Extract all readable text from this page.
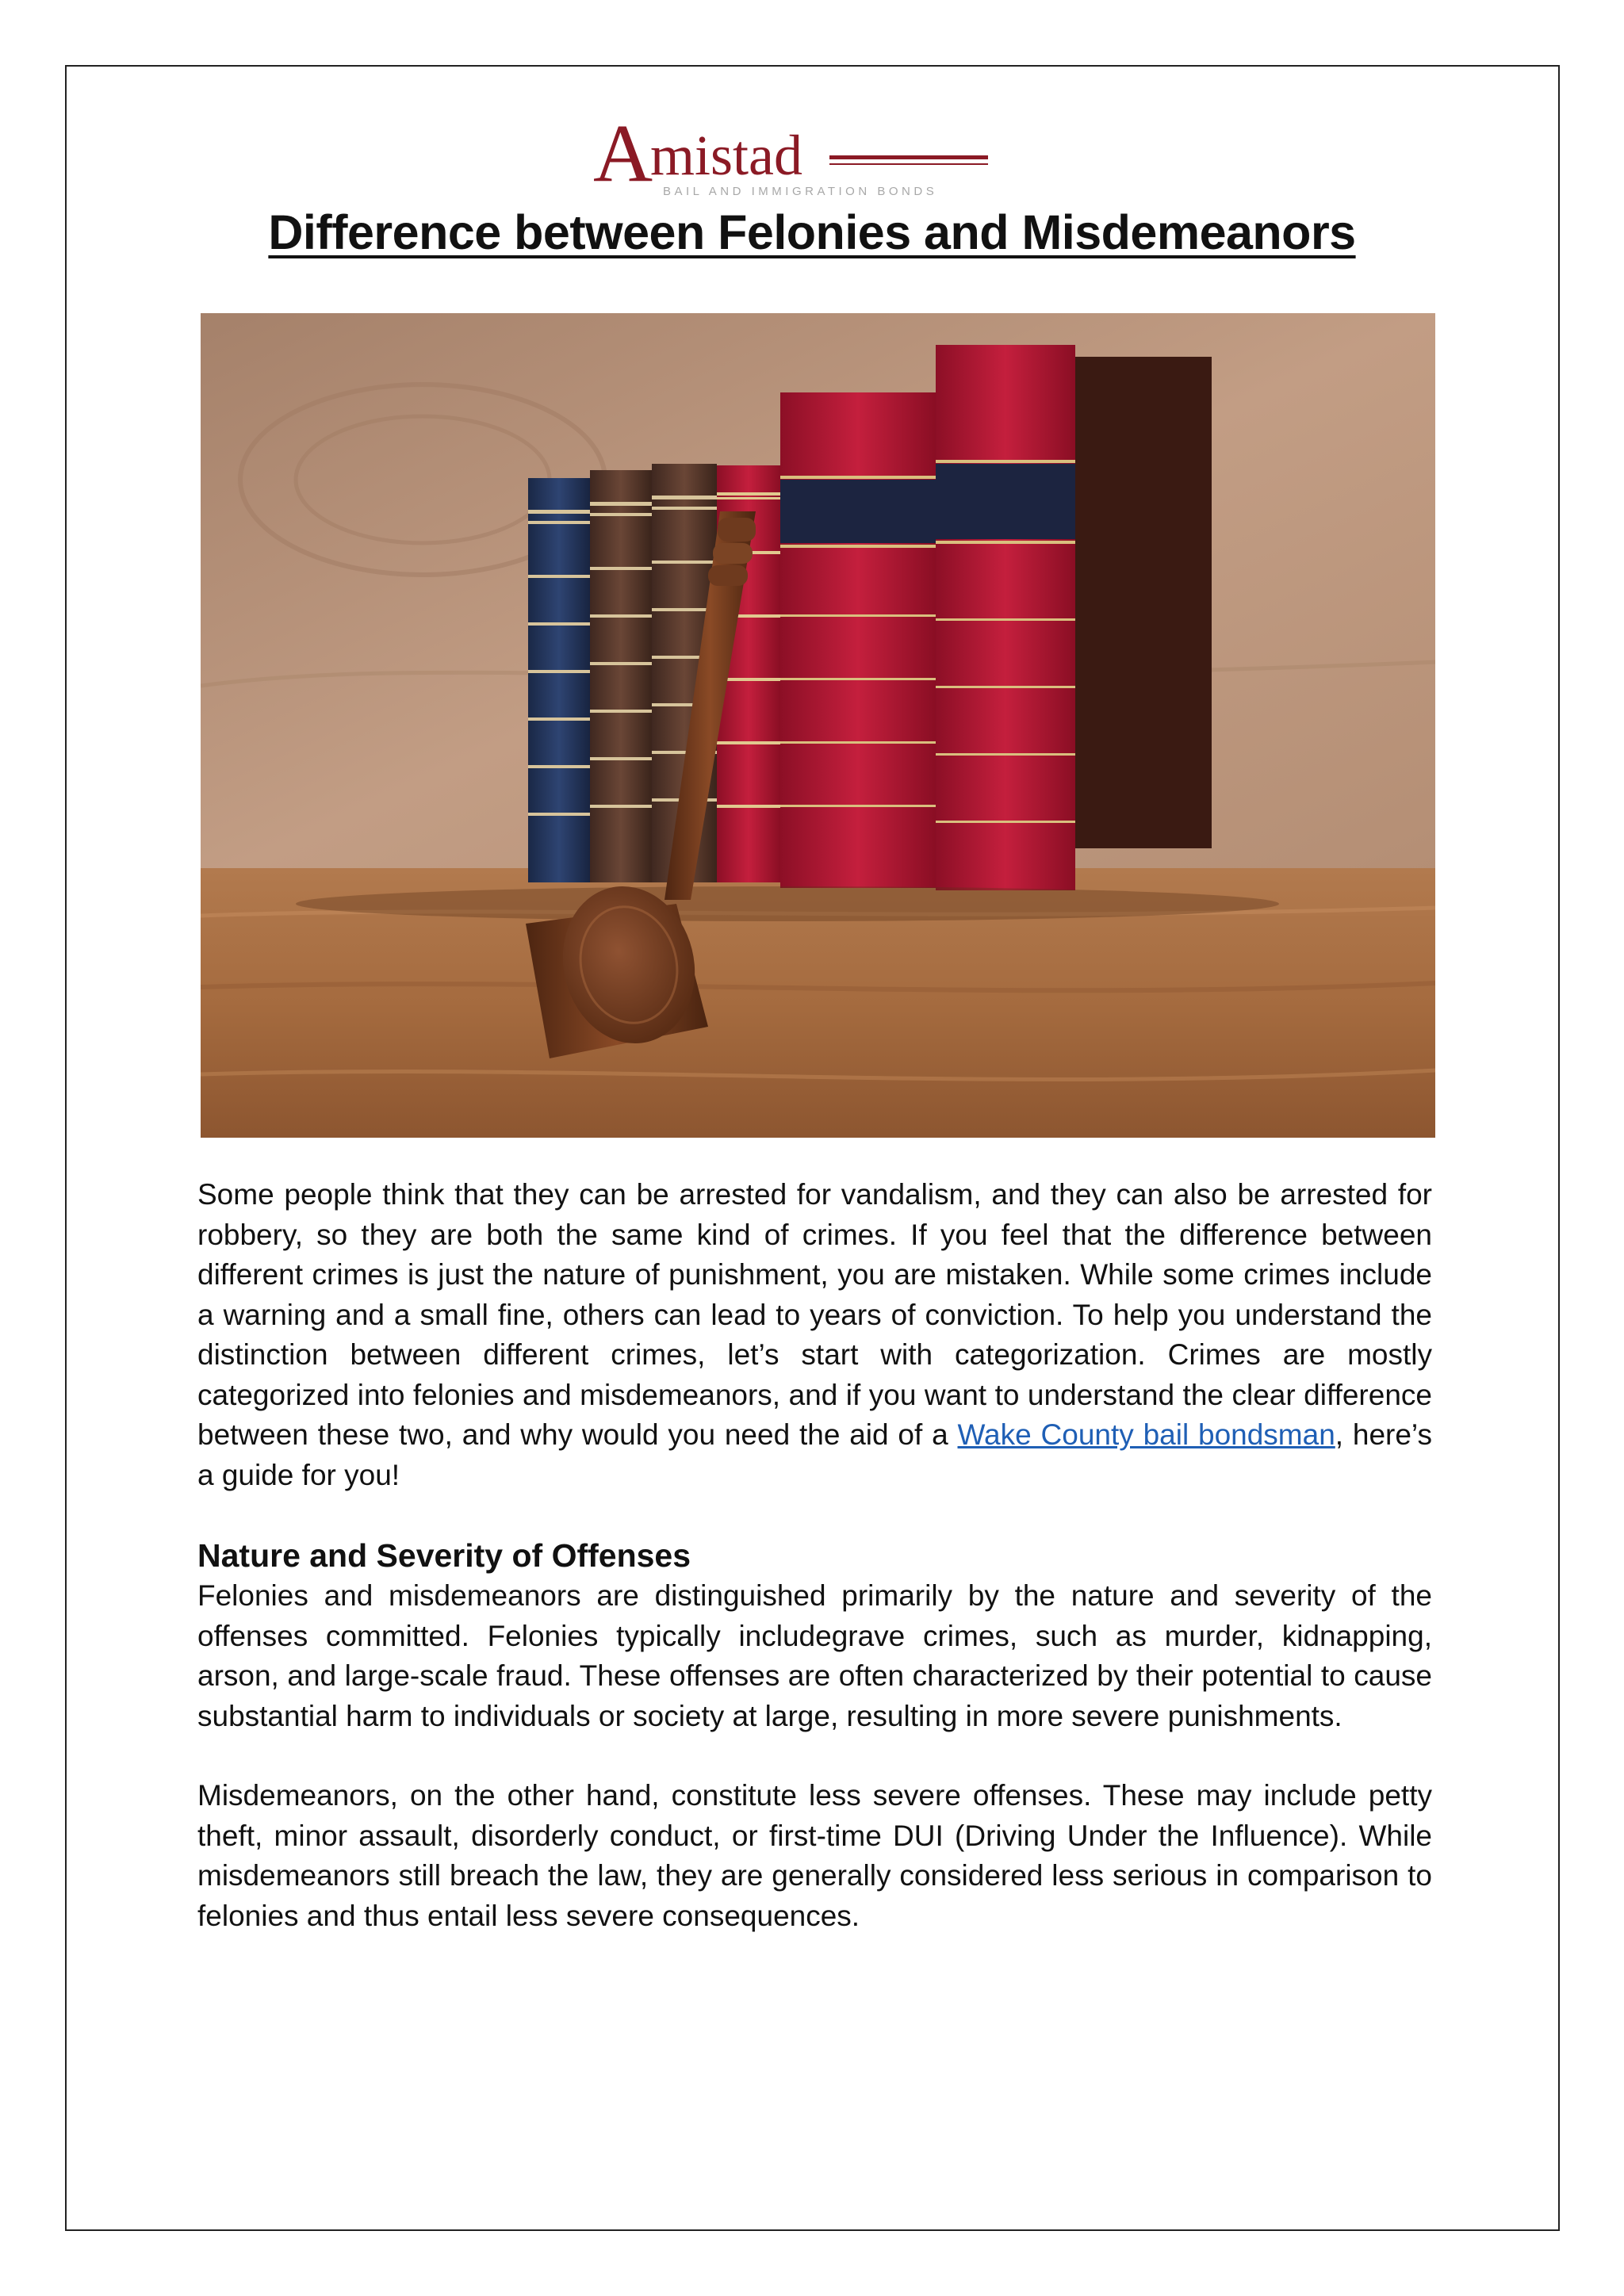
A
mistad
BAIL AND IMMIGRATION BONDS
Difference between Felonies and Misdemeanors

Some people think that they can be arrested for vandalism, and they can also be arrested for robbery, so they are both the same kind of crimes. If you feel that the difference between different crimes is just the nature of punishment, you are mistaken. While some crimes include a warning and a small fine, others can lead to years of conviction. To help you understand the distinction between different crimes, let’s start with categorization. Crimes are mostly categorized into felonies and misdemeanors, and if you want to understand the clear difference between these two, and why would you need the aid of a Wake County bail bondsman, here’s a guide for you!

Nature and Severity of Offenses

Felonies and misdemeanors are distinguished primarily by the nature and severity of the offenses committed. Felonies typically includegrave crimes, such as murder, kidnapping, arson, and large-scale fraud. These offenses are often characterized by their potential to cause substantial harm to individuals or society at large, resulting in more severe punishments.

Misdemeanors, on the other hand, constitute less severe offenses. These may include petty theft, minor assault, disorderly conduct, or first-time DUI (Driving Under the Influence). While misdemeanors still breach the law, they are generally considered less serious in comparison to felonies and thus entail less severe consequences.
